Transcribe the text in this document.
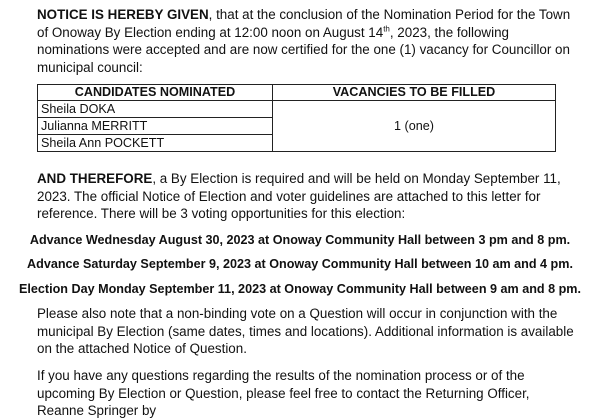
NOTICE IS HEREBY GIVEN, that at the conclusion of the Nomination Period for the Town of Onoway By Election ending at 12:00 noon on August 14th, 2023, the following nominations were accepted and are now certified for the one (1) vacancy for Councillor on municipal council:

CANDIDATES NOMINATED	VACANCIES TO BE FILLED
Sheila DOKA	1 (one)
Julianna MERRITT	
Sheila Ann POCKETT	

AND THEREFORE, a By Election is required and will be held on Monday September 11, 2023. The official Notice of Election and voter guidelines are attached to this letter for reference. There will be 3 voting opportunities for this election:

Advance Wednesday August 30, 2023 at Onoway Community Hall between 3 pm and 8 pm.

Advance Saturday September 9, 2023 at Onoway Community Hall between 10 am and 4 pm.

Election Day Monday September 11, 2023 at Onoway Community Hall between 9 am and 8 pm.

Please also note that a non-binding vote on a Question will occur in conjunction with the municipal By Election (same dates, times and locations). Additional information is available on the attached Notice of Question.

If you have any questions regarding the results of the nomination process or of the upcoming By Election or Question, please feel free to contact the Returning Officer, Reanne Springer by
